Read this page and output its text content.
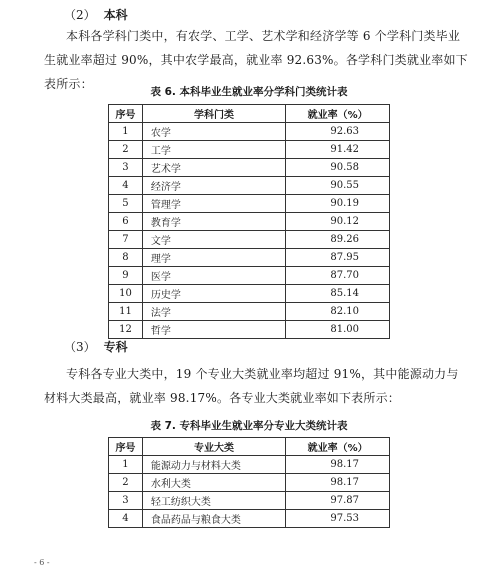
（2） 本科

本科各学科门类中，有农学、工学、艺术学和经济学等 6 个学科门类毕业生就业率超过 90%，其中农学最高，就业率 92.63%。各学科门类就业率如下表所示：

表 6. 本科毕业生就业率分学科门类统计表
序号	学科门类	就业率（%）
1	农学	92.63
2	工学	91.42
3	艺术学	90.58
4	经济学	90.55
5	管理学	90.19
6	教育学	90.12
7	文学	89.26
8	理学	87.95
9	医学	87.70
10	历史学	85.14
11	法学	82.10
12	哲学	81.00
（3） 专科

专科各专业大类中，19 个专业大类就业率均超过 91%，其中能源动力与材料大类最高，就业率 98.17%。各专业大类就业率如下表所示：

表 7. 专科毕业生就业率分专业大类统计表
序号	专业大类	就业率（%）
1	能源动力与材料大类	98.17
2	水利大类	98.17
3	轻工纺织大类	97.87
4	食品药品与粮食大类	97.53
- 6 -
